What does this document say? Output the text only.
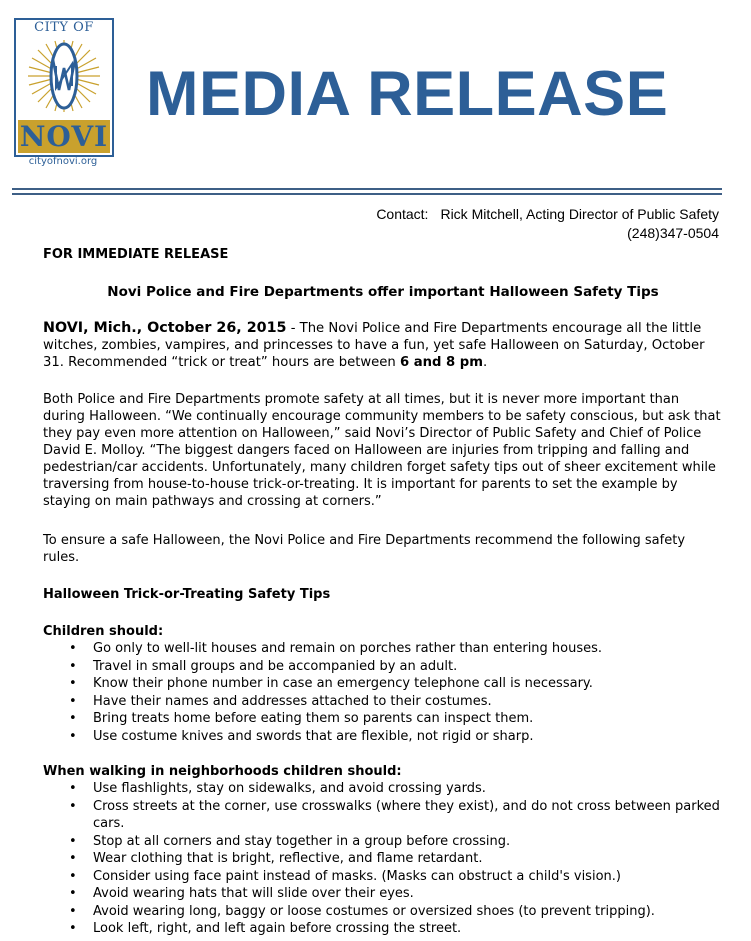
CITY OF
NOVI
cityofnovi.org
MEDIA RELEASE
Contact: Rick Mitchell, Acting Director of Public Safety
(248)347-0504
FOR IMMEDIATE RELEASE
Novi Police and Fire Departments offer important Halloween Safety Tips
NOVI, Mich., October 26, 2015 - The Novi Police and Fire Departments encourage all the little witches, zombies, vampires, and princesses to have a fun, yet safe Halloween on Saturday, October 31. Recommended “trick or treat” hours are between 6 and 8 pm.
Both Police and Fire Departments promote safety at all times, but it is never more important than during Halloween. “We continually encourage community members to be safety conscious, but ask that they pay even more attention on Halloween,” said Novi’s Director of Public Safety and Chief of Police David E. Molloy. “The biggest dangers faced on Halloween are injuries from tripping and falling and pedestrian/car accidents. Unfortunately, many children forget safety tips out of sheer excitement while traversing from house-to-house trick-or-treating. It is important for parents to set the example by staying on main pathways and crossing at corners.”
To ensure a safe Halloween, the Novi Police and Fire Departments recommend the following safety rules.
Halloween Trick-or-Treating Safety Tips
Children should:
• Go only to well-lit houses and remain on porches rather than entering houses.
• Travel in small groups and be accompanied by an adult.
• Know their phone number in case an emergency telephone call is necessary.
• Have their names and addresses attached to their costumes.
• Bring treats home before eating them so parents can inspect them.
• Use costume knives and swords that are flexible, not rigid or sharp.
When walking in neighborhoods children should:
• Use flashlights, stay on sidewalks, and avoid crossing yards.
• Cross streets at the corner, use crosswalks (where they exist), and do not cross between parked cars.
• Stop at all corners and stay together in a group before crossing.
• Wear clothing that is bright, reflective, and flame retardant.
• Consider using face paint instead of masks. (Masks can obstruct a child's vision.)
• Avoid wearing hats that will slide over their eyes.
• Avoid wearing long, baggy or loose costumes or oversized shoes (to prevent tripping).
• Look left, right, and left again before crossing the street.
